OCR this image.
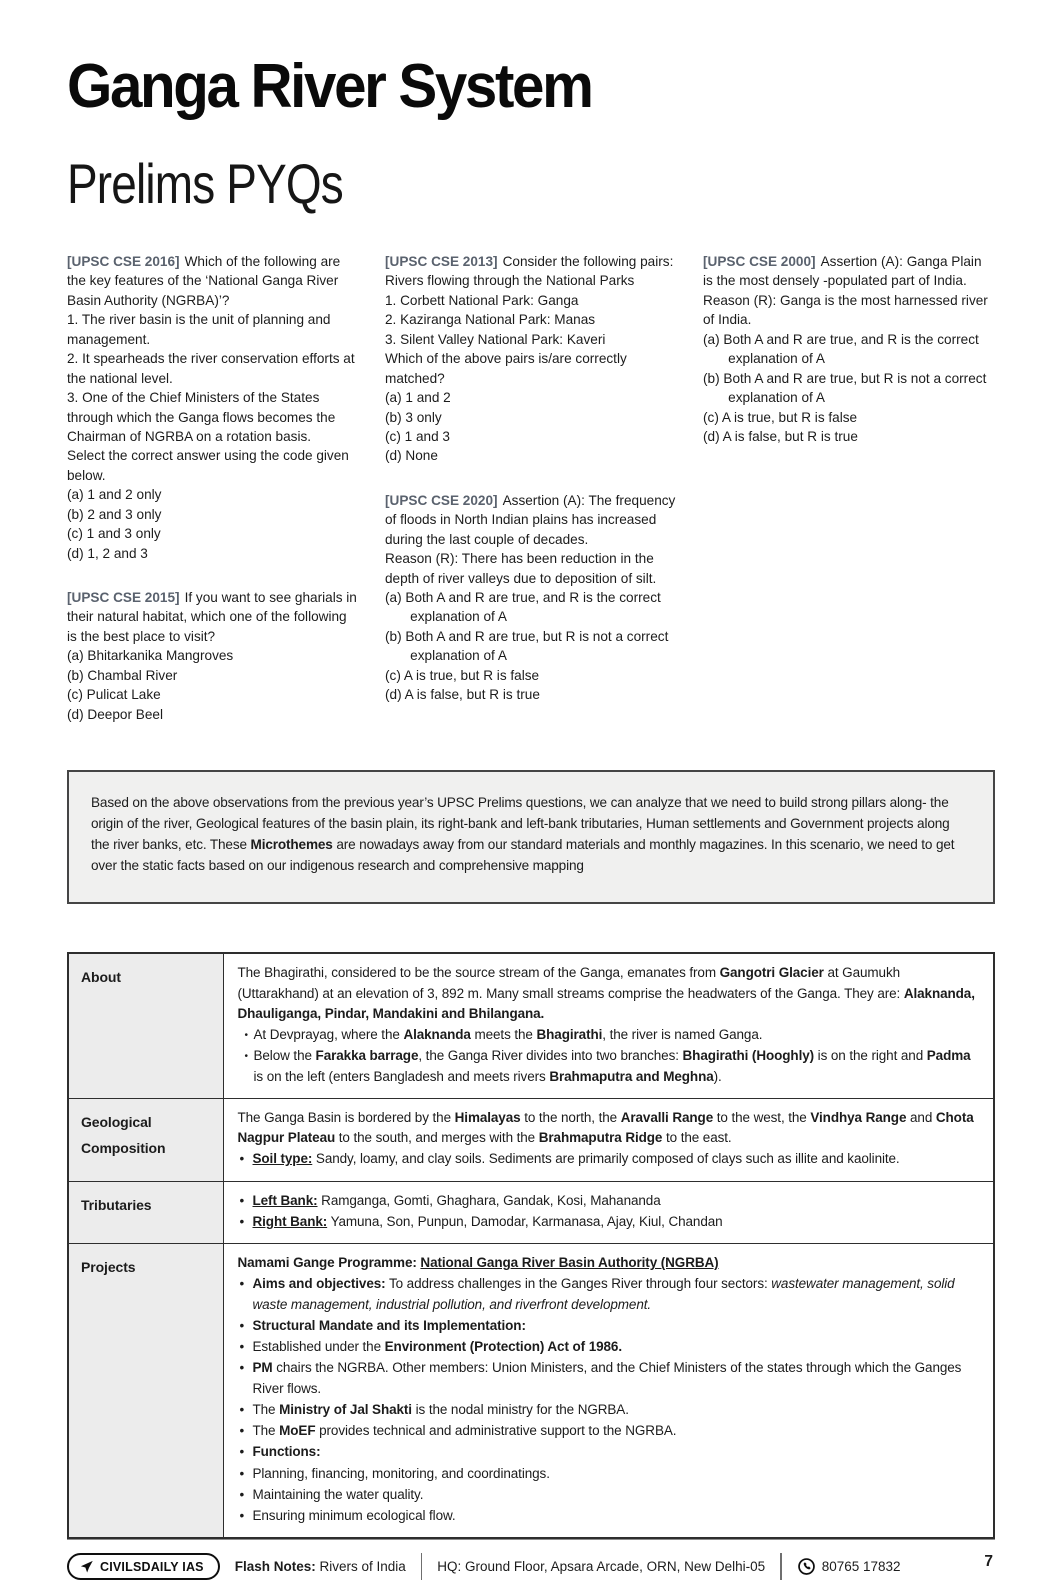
Ganga River System
Prelims PYQs

[UPSC CSE 2016] Which of the following are the key features of the ‘National Ganga River Basin Authority (NGRBA)’?

1. The river basin is the unit of planning and management.
2. It spearheads the river conservation efforts at the national level.
3. One of the Chief Ministers of the States through which the Ganga flows becomes the Chairman of NGRBA on a rotation basis.
Select the correct answer using the code given below.
(a) 1 and 2 only
(b) 2 and 3 only
(c) 1 and 3 only
(d) 1, 2 and 3

[UPSC CSE 2015] If you want to see gharials in their natural habitat, which one of the following is the best place to visit?

(a) Bhitarkanika Mangroves
(b) Chambal River
(c) Pulicat Lake
(d) Deepor Beel

[UPSC CSE 2013] Consider the following pairs:

Rivers flowing through the National Parks
1. Corbett National Park: Ganga
2. Kaziranga National Park: Manas
3. Silent Valley National Park: Kaveri
Which of the above pairs is/are correctly matched?
(a) 1 and 2
(b) 3 only
(c) 1 and 3
(d) None

[UPSC CSE 2020] Assertion (A): The frequency of floods in North Indian plains has increased during the last couple of decades.

Reason (R): There has been reduction in the depth of river valleys due to deposition of silt.
(a) Both A and R are true, and R is the correct explanation of A
(b) Both A and R are true, but R is not a correct explanation of A
(c) A is true, but R is false
(d) A is false, but R is true

[UPSC CSE 2000] Assertion (A): Ganga Plain is the most densely -populated part of India.

Reason (R): Ganga is the most harnessed river of India.
(a) Both A and R are true, and R is the correct explanation of A
(b) Both A and R are true, but R is not a correct explanation of A
(c) A is true, but R is false
(d) A is false, but R is true

Based on the above observations from the previous year’s UPSC Prelims questions, we can analyze that we need to build strong pillars along- the origin of the river, Geological features of the basin plain, its right-bank and left-bank tributaries, Human settlements and Government projects along the river banks, etc. These Microthemes are nowadays away from our standard materials and monthly magazines. In this scenario, we need to get over the static facts based on our indigenous research and comprehensive mapping

About	The Bhagirathi, considered to be the source stream of the Ganga, emanates from Gangotri Glacier at Gaumukh (Uttarakhand) at an elevation of 3, 892 m. Many small streams comprise the headwaters of the Ganga. They are: Alaknanda, Dhauliganga, Pindar, Mandakini and Bhilangana.
• At Devprayag, where the Alaknanda meets the Bhagirathi, the river is named Ganga.
• Below the Farakka barrage, the Ganga River divides into two branches: Bhagirathi (Hooghly) is on the right and Padma is on the left (enters Bangladesh and meets rivers Brahmaputra and Meghna).

Geological Composition	The Ganga Basin is bordered by the Himalayas to the north, the Aravalli Range to the west, the Vindhya Range and Chota Nagpur Plateau to the south, and merges with the Brahmaputra Ridge to the east.
• Soil type: Sandy, loamy, and clay soils. Sediments are primarily composed of clays such as illite and kaolinite.

Tributaries	• Left Bank: Ramganga, Gomti, Ghaghara, Gandak, Kosi, Mahananda
• Right Bank: Yamuna, Son, Punpun, Damodar, Karmanasa, Ajay, Kiul, Chandan

Projects	Namami Gange Programme: National Ganga River Basin Authority (NGRBA)
• Aims and objectives: To address challenges in the Ganges River through four sectors: wastewater management, solid waste management, industrial pollution, and riverfront development.
• Structural Mandate and its Implementation:
• Established under the Environment (Protection) Act of 1986.
• PM chairs the NGRBA. Other members: Union Ministers, and the Chief Ministers of the states through which the Ganges River flows.
• The Ministry of Jal Shakti is the nodal ministry for the NGRBA.
• The MoEF provides technical and administrative support to the NGRBA.
• Functions:
• Planning, financing, monitoring, and coordinatings.
• Maintaining the water quality.
• Ensuring minimum ecological flow.
CIVILSDAILY IAS Flash Notes: Rivers of India HQ: Ground Floor, Apsara Arcade, ORN, New Delhi-05	80765 17832	7
